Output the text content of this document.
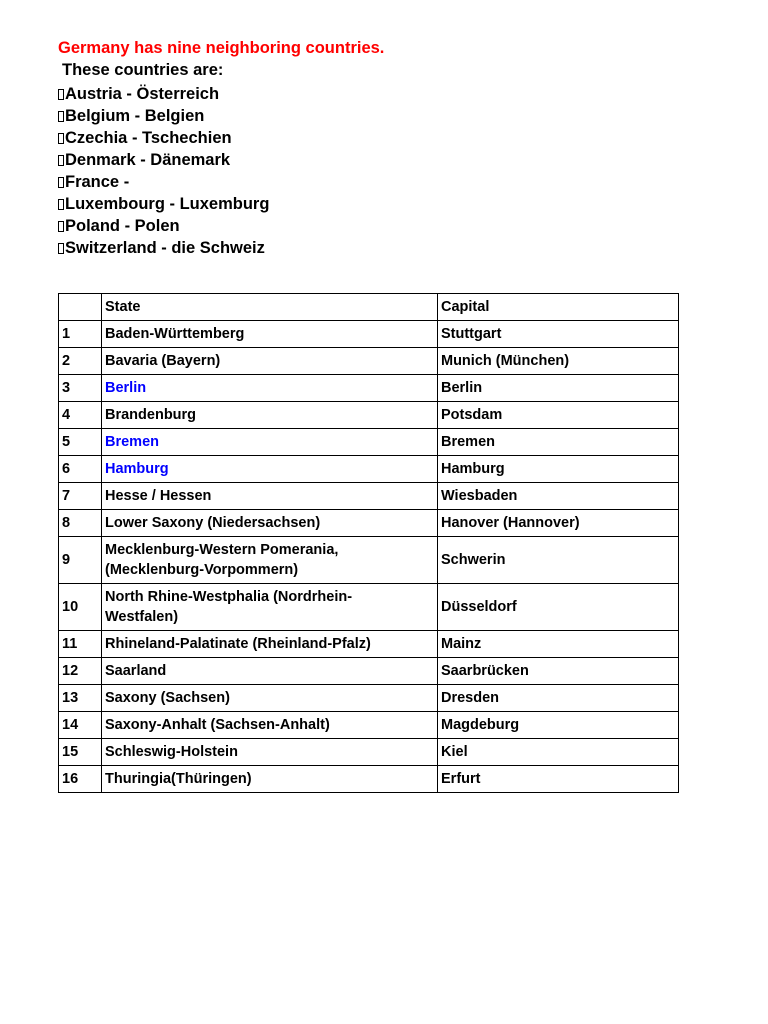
Germany has nine neighboring countries.
These countries are:
Austria - Österreich
Belgium - Belgien
Czechia - Tschechien
Denmark - Dänemark
France -
Luxembourg - Luxemburg
Poland - Polen
Switzerland - die Schweiz
	State	Capital
1	Baden-Württemberg	Stuttgart
2	Bavaria (Bayern)	Munich (München)
3	Berlin	Berlin
4	Brandenburg	Potsdam
5	Bremen	Bremen
6	Hamburg	Hamburg
7	Hesse / Hessen	Wiesbaden
8	Lower Saxony (Niedersachsen)	Hanover (Hannover)
9	Mecklenburg-Western Pomerania,
(Mecklenburg-Vorpommern)	Schwerin
10	North Rhine-Westphalia (Nordrhein-
Westfalen)	Düsseldorf
11	Rhineland-Palatinate (Rheinland-Pfalz)	Mainz
12	Saarland	Saarbrücken
13	Saxony (Sachsen)	Dresden
14	Saxony-Anhalt (Sachsen-Anhalt)	Magdeburg
15	Schleswig-Holstein	Kiel
16	Thuringia(Thüringen)	Erfurt
